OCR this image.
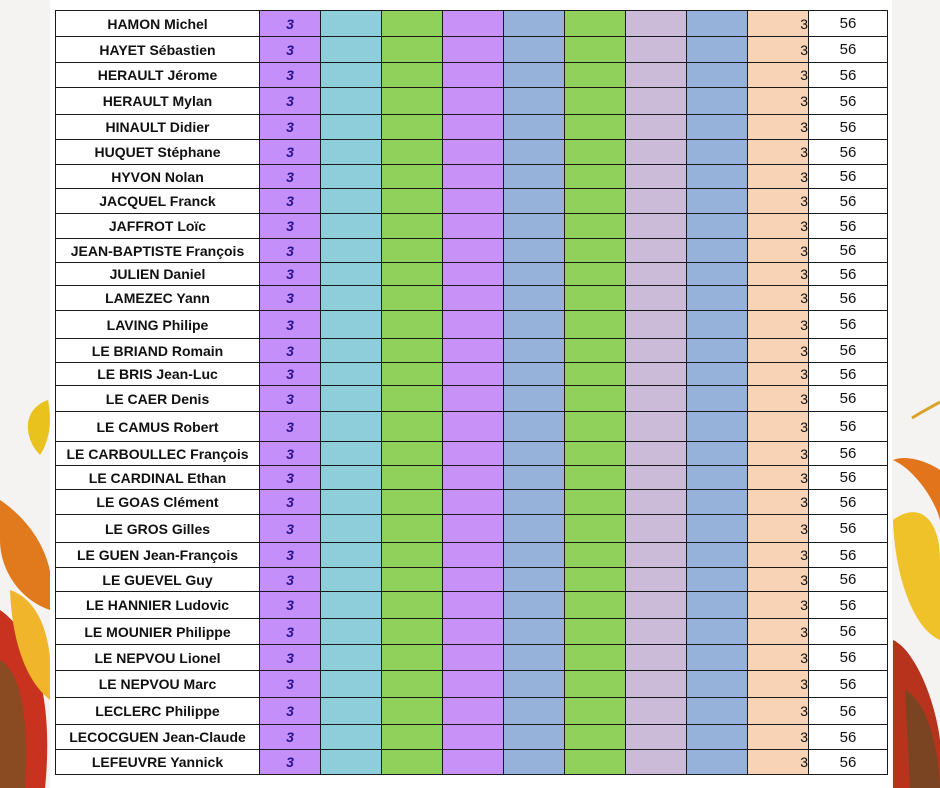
HAMON Michel	3								3	56
HAYET Sébastien	3								3	56
HERAULT Jérome	3								3	56
HERAULT Mylan	3								3	56
HINAULT Didier	3								3	56
HUQUET Stéphane	3								3	56
HYVON Nolan	3								3	56
JACQUEL Franck	3								3	56
JAFFROT Loïc	3								3	56
JEAN-BAPTISTE François	3								3	56
JULIEN Daniel	3								3	56
LAMEZEC Yann	3								3	56
LAVING Philipe	3								3	56
LE BRIAND Romain	3								3	56
LE BRIS Jean-Luc	3								3	56
LE CAER Denis	3								3	56
LE CAMUS Robert	3								3	56
LE CARBOULLEC François	3								3	56
LE CARDINAL Ethan	3								3	56
LE GOAS Clément	3								3	56
LE GROS Gilles	3								3	56
LE GUEN Jean-François	3								3	56
LE GUEVEL Guy	3								3	56
LE HANNIER Ludovic	3								3	56
LE MOUNIER Philippe	3								3	56
LE NEPVOU Lionel	3								3	56
LE NEPVOU Marc	3								3	56
LECLERC Philippe	3								3	56
LECOCGUEN Jean-Claude	3								3	56
LEFEUVRE Yannick	3								3	56
